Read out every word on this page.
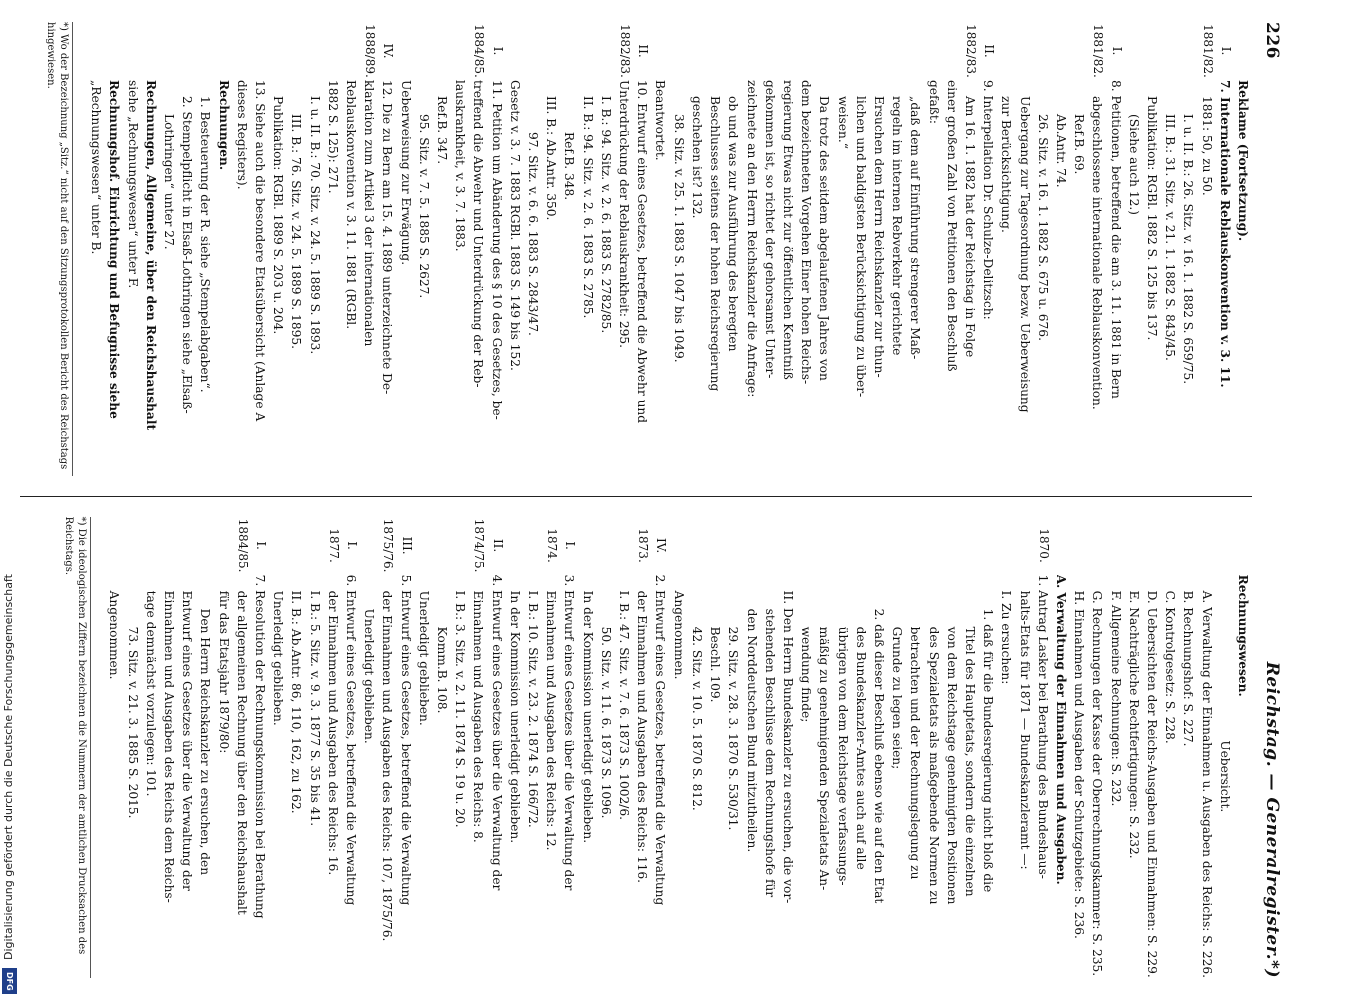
Digitalisierung gefördert durch die Deutsche Forschungsgemeinschaft
DFG
226
Reichstag. — Generalregister.*)
Reklame (Fortsetzung).
I.
7. Internationale Reblauskonvention v. 3. 11.
1881/82.
1881: 50, zu 50.
I. u. II. B.: 26. Sitz. v. 16. 1. 1882 S. 659/75.
III. B.: 31. Sitz. v. 21. 1. 1882 S. 843/45.
Publikation: RGBl. 1882 S. 125 bis 137.
(Siehe auch 12.)
I.
8. Petitionen, betreffend die am 3. 11. 1881 in Bern
1881/82.
abgeschlossene internationale Reblauskonvention.
Ref.B. 69.
Ab.Antr. 74.
26. Sitz. v. 16. 1. 1882 S. 675 u. 676.
Uebergang zur Tagesordnung bezw. Ueberweisung
zur Berücksichtigung.
II.
9. Interpellation Dr. Schulze-Delitzsch:
1882/83.
Am 16. 1. 1882 hat der Reichstag in Folge
einer großen Zahl von Petitionen den Beschluß
gefaßt:
„daß dem auf Einführung strengerer Maß-
regeln im internen Rebverkehr gerichtete
Ersuchen dem Herrn Reichskanzler zur thun-
lichen und baldigsten Berücksichtigung zu über-
weisen.“
Da trotz des seitdem abgelaufenen Jahres von
dem bezeichneten Vorgehen Einer hohen Reichs-
regierung Etwas nicht zur öffentlichen Kenntniß
gekommen ist, so richtet der gehorsamst Unter-
zeichnete an den Herrn Reichskanzler die Anfrage:
ob und was zur Ausführung des beregten
Beschlusses seitens der hohen Reichsregierung
geschehen ist? 132.
38. Sitz. v. 25. 1. 1883 S. 1047 bis 1049.
Beantwortet.
II.
10. Entwurf eines Gesetzes, betreffend die Abwehr und
1882/83.
Unterdrückung der Reblauskrankheit: 295.
I. B.: 94. Sitz. v. 2. 6. 1883 S. 2782/85.
II. B.: 94. Sitz. v. 2. 6. 1883 S. 2785.
Ref.B. 348.
III. B.: Ab.Antr. 350.
97. Sitz. v. 6. 6. 1883 S. 2843/47.
Gesetz v. 3. 7. 1883 RGBl. 1883 S. 149 bis 152.
I.
11. Petition um Abänderung des § 10 des Gesetzes, be-
1884/85.
treffend die Abwehr und Unterdrückung der Reb-
lauskrankheit, v. 3. 7. 1883.
Ref.B. 347.
95. Sitz. v. 7. 5. 1885 S. 2627.
Ueberweisung zur Erwägung.
IV.
12. Die zu Bern am 15. 4. 1889 unterzeichnete De-
1888/89.
klaration zum Artikel 3 der internationalen
Reblauskonvention v. 3. 11. 1881 (RGBl.
1882 S. 125): 271.
I. u. II. B.: 70. Sitz. v. 24. 5. 1889 S. 1893.
III. B.: 76. Sitz. v. 24. 5. 1889 S. 1895.
Publikation: RGBl. 1889 S. 203 u. 204.
13. Siehe auch die besondere Etatsübersicht (Anlage A
dieses Registers).
Rechnungen.
1. Besteuerung der R. siehe „Stempelabgaben“.
2. Stempelpflicht in Elsaß-Lothringen siehe „Elsaß-
Lothringen“ unter 27.
Rechnungen, Allgemeine, über den Reichshaushalt
siehe „Rechnungswesen“ unter F.
Rechnungshof. Einrichtung und Befugnisse siehe
„Rechnungswesen“ unter B.
*) Wo der Bezeichnung „Sitz.“ nicht auf den Sitzungsprotokollen Bericht des Reichstags hingewiesen.
Rechnungswesen.
Uebersicht.
A. Verwaltung der Einnahmen u. Ausgaben des Reichs: S. 226.
B. Rechnungshof: S. 227.
C. Kontrolgesetz: S. 228.
D. Uebersichten der Reichs-Ausgaben und Einnahmen: S. 229.
E. Nachträgliche Rechtfertigungen: S. 232.
F. Allgemeine Rechnungen: S. 232.
G. Rechnungen der Kasse der Oberrechnungskammer: S. 235.
H. Einnahmen und Ausgaben der Schutzgebiete: S. 236.
A. Verwaltung der Einnahmen und Ausgaben.
1870.
1. Antrag Lasker bei Berathung des Bundeshaus-
halts-Etats für 1871 — Bundeskanzleramt —:
I. Zu ersuchen:
1. daß für die Bundesregierung nicht bloß die
Titel des Hauptetats, sondern die einzelnen
von dem Reichstage genehmigten Positionen
des Spezialetats als maßgebende Normen zu
betrachten und der Rechnungslegung zu
Grunde zu legen seien;
2. daß dieser Beschluß ebenso wie auf den Etat
des Bundeskanzler-Amtes auch auf alle
übrigen von dem Reichstage verfassungs-
mäßig zu genehmigenden Spezialetats An-
wendung finde;
II. Den Herrn Bundeskanzler zu ersuchen, die vor-
stehenden Beschlüsse dem Rechnungshofe für
den Norddeutschen Bund mitzutheilen.
29. Sitz. v. 28. 3. 1870 S. 530/31.
Beschl. 109.
42. Sitz. v. 10. 5. 1870 S. 812.
Angenommen.
IV.
2. Entwurf eines Gesetzes, betreffend die Verwaltung
1873.
der Einnahmen und Ausgaben des Reichs: 116.
I. B.: 47. Sitz. v. 7. 6. 1873 S. 1002/6.
50. Sitz. v. 11. 6. 1873 S. 1096.
In der Kommission unerledigt geblieben.
I.
3. Entwurf eines Gesetzes über die Verwaltung der
1874.
Einnahmen und Ausgaben des Reichs: 12.
I. B.: 10. Sitz. v. 23. 2. 1874 S. 166/72.
In der Kommission unerledigt geblieben.
II.
4. Entwurf eines Gesetzes über die Verwaltung der
1874/75.
Einnahmen und Ausgaben des Reichs: 8.
I. B.: 3. Sitz. v. 2. 11. 1874 S. 19 u. 20.
Komm.B. 108.
Unerledigt geblieben.
III.
5. Entwurf eines Gesetzes, betreffend die Verwaltung
1875/76.
der Einnahmen und Ausgaben des Reichs: 107, 1875/76.
Unerledigt geblieben.
I.
6. Entwurf eines Gesetzes, betreffend die Verwaltung
1877.
der Einnahmen und Ausgaben des Reichs: 16.
I. B.: 5. Sitz. v. 9. 3. 1877 S. 35 bis 41.
II. B.: Ab.Antr. 86, 110, 162, zu 162.
Unerledigt geblieben.
I.
7. Resolution der Rechnungskommission bei Berathung
1884/85.
der allgemeinen Rechnung über den Reichshaushalt
für das Etatsjahr 1879/80:
Den Herrn Reichskanzler zu ersuchen, den
Entwurf eines Gesetzes über die Verwaltung der
Einnahmen und Ausgaben des Reichs dem Reichs-
tage demnächst vorzulegen: 101.
73. Sitz. v. 21. 3. 1885 S. 2015.
Angenommen.
*) Die ideologischen Ziffern bezeichnen die Nummern der amtlichen Drucksachen des Reichstags.
